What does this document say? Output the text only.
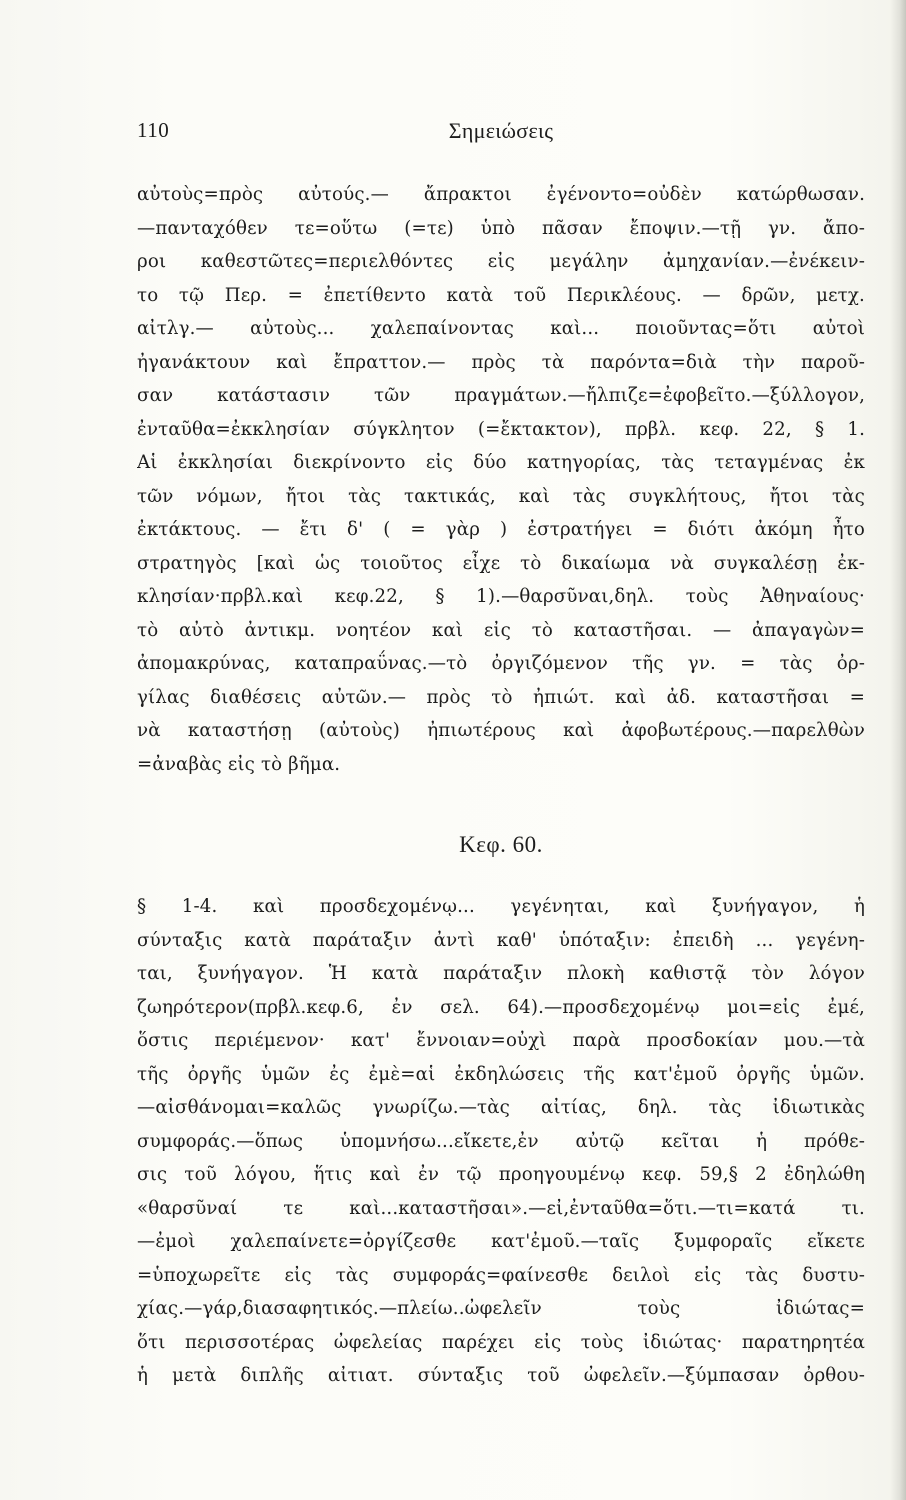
110	Σημειώσεις
αὐτοὺς=πρὸς αὐτούς.— ἄπρακτοι ἐγένοντο=οὐδὲν κατώρθωσαν.
—πανταχόθεν τε=οὕτω (=τε) ὑπὸ πᾶσαν ἔποψιν.—τῇ γν. ἄπο-
ροι καθεστῶτες=περιελθόντες εἰς μεγάλην ἀμηχανίαν.—ἐνέκειν-
το τῷ Περ. = ἐπετίθεντο κατὰ τοῦ Περικλέους. — δρῶν, μετχ.
αἰτλγ.— αὐτοὺς... χαλεπαίνοντας καὶ... ποιοῦντας=ὅτι αὐτοὶ
ἠγανάκτουν καὶ ἔπραττον.— πρὸς τὰ παρόντα=διὰ τὴν παροῦ-
σαν κατάστασιν τῶν πραγμάτων.—ἤλπιζε=ἐφοβεῖτο.—ξύλλογον,
ἐνταῦθα=ἐκκλησίαν σύγκλητον (=ἔκτακτον), πρβλ. κεφ. 22, § 1.
Αἱ ἐκκλησίαι διεκρίνοντο εἰς δύο κατηγορίας, τὰς τεταγμένας ἐκ
τῶν νόμων, ἤτοι τὰς τακτικάς, καὶ τὰς συγκλήτους, ἤτοι τὰς
ἐκτάκτους. — ἔτι δ' ( = γὰρ ) ἐστρατήγει = διότι ἀκόμη ἦτο
στρατηγὸς [καὶ ὡς τοιοῦτος εἶχε τὸ δικαίωμα νὰ συγκαλέσῃ ἐκ-
κλησίαν·πρβλ.καὶ κεφ.22, § 1).—θαρσῦναι,δηλ. τοὺς Ἀθηναίους·
τὸ αὐτὸ ἀντικμ. νοητέον καὶ εἰς τὸ καταστῆσαι. — ἀπαγαγὼν=
ἀπομακρύνας, καταπραΰνας.—τὸ ὀργιζόμενον τῆς γν. = τὰς ὀρ-
γίλας διαθέσεις αὐτῶν.— πρὸς τὸ ἠπιώτ. καὶ ἀδ. καταστῆσαι =
νὰ καταστήσῃ (αὐτοὺς) ἠπιωτέρους καὶ ἀφοβωτέρους.—παρελθὼν
=ἀναβὰς εἰς τὸ βῆμα.
Κεφ. 60.
§ 1-4. καὶ προσδεχομένῳ... γεγένηται, καὶ ξυνήγαγον, ἡ
σύνταξις κατὰ παράταξιν ἀντὶ καθ' ὑπόταξιν: ἐπειδὴ ... γεγένη-
ται, ξυνήγαγον. Ἡ κατὰ παράταξιν πλοκὴ καθιστᾷ τὸν λόγον
ζωηρότερον(πρβλ.κεφ.6, ἐν σελ. 64).—προσδεχομένῳ μοι=εἰς ἐμέ,
ὅστις περιέμενον· κατ' ἔννοιαν=οὐχὶ παρὰ προσδοκίαν μου.—τὰ
τῆς ὀργῆς ὑμῶν ἐς ἐμὲ=αἱ ἐκδηλώσεις τῆς κατ'ἐμοῦ ὀργῆς ὑμῶν.
—αἰσθάνομαι=καλῶς γνωρίζω.—τὰς αἰτίας, δηλ. τὰς ἰδιωτικὰς
συμφοράς.—ὅπως ὑπομνήσω...εἴκετε,ἐν αὐτῷ κεῖται ἡ πρόθε-
σις τοῦ λόγου, ἥτις καὶ ἐν τῷ προηγουμένῳ κεφ. 59,§ 2 ἐδηλώθη
«θαρσῦναί τε καὶ...καταστῆσαι».—εἰ,ἐνταῦθα=ὅτι.—τι=κατά τι.
—ἐμοὶ χαλεπαίνετε=ὀργίζεσθε κατ'ἐμοῦ.—ταῖς ξυμφοραῖς εἴκετε
=ὑποχωρεῖτε εἰς τὰς συμφοράς=φαίνεσθε δειλοὶ εἰς τὰς δυστυ-
χίας.—γάρ,διασαφητικός.—πλείω..ὠφελεῖν τοὺς ἰδιώτας=
ὅτι περισσοτέρας ὠφελείας παρέχει εἰς τοὺς ἰδιώτας· παρατηρητέα
ἡ μετὰ διπλῆς αἰτιατ. σύνταξις τοῦ ὠφελεῖν.—ξύμπασαν ὀρθου-
